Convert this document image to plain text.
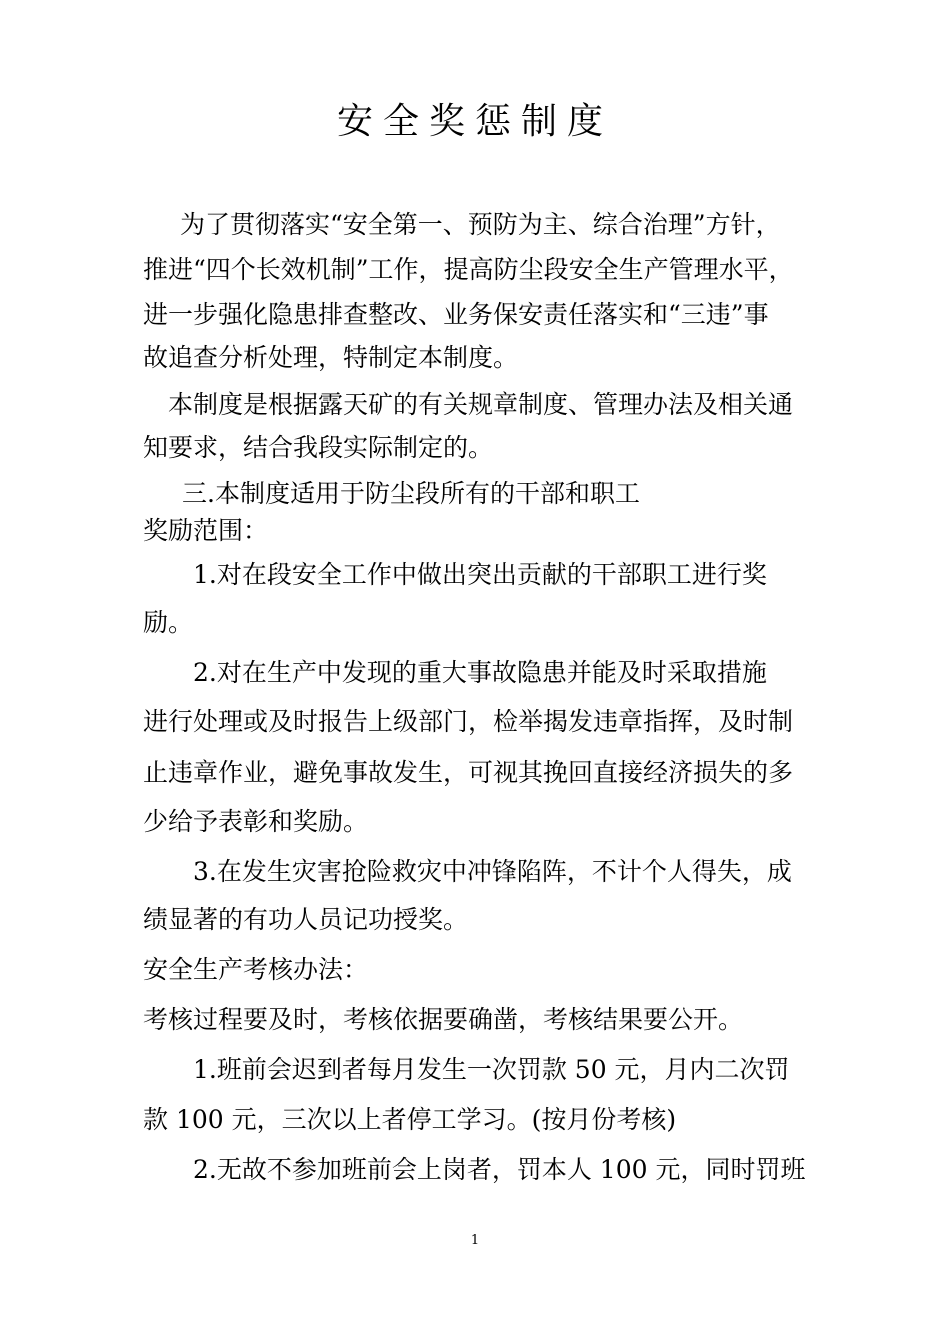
安全奖惩制度
为了贯彻落实“安全第一、预防为主、综合治理”方针，
推进“四个长效机制”工作，提高防尘段安全生产管理水平，
进一步强化隐患排查整改、业务保安责任落实和“三违”事
故追查分析处理，特制定本制度。
本制度是根据露天矿的有关规章制度、管理办法及相关通
知要求，结合我段实际制定的。
三.本制度适用于防尘段所有的干部和职工
奖励范围：
1.对在段安全工作中做出突出贡献的干部职工进行奖
励。
2.对在生产中发现的重大事故隐患并能及时采取措施
进行处理或及时报告上级部门，检举揭发违章指挥，及时制
止违章作业，避免事故发生，可视其挽回直接经济损失的多
少给予表彰和奖励。
3.在发生灾害抢险救灾中冲锋陷阵，不计个人得失，成
绩显著的有功人员记功授奖。
安全生产考核办法：
考核过程要及时，考核依据要确凿，考核结果要公开。
1.班前会迟到者每月发生一次罚款 50 元，月内二次罚
款 100 元，三次以上者停工学习。(按月份考核)
2.无故不参加班前会上岗者，罚本人 100 元，同时罚班
1
